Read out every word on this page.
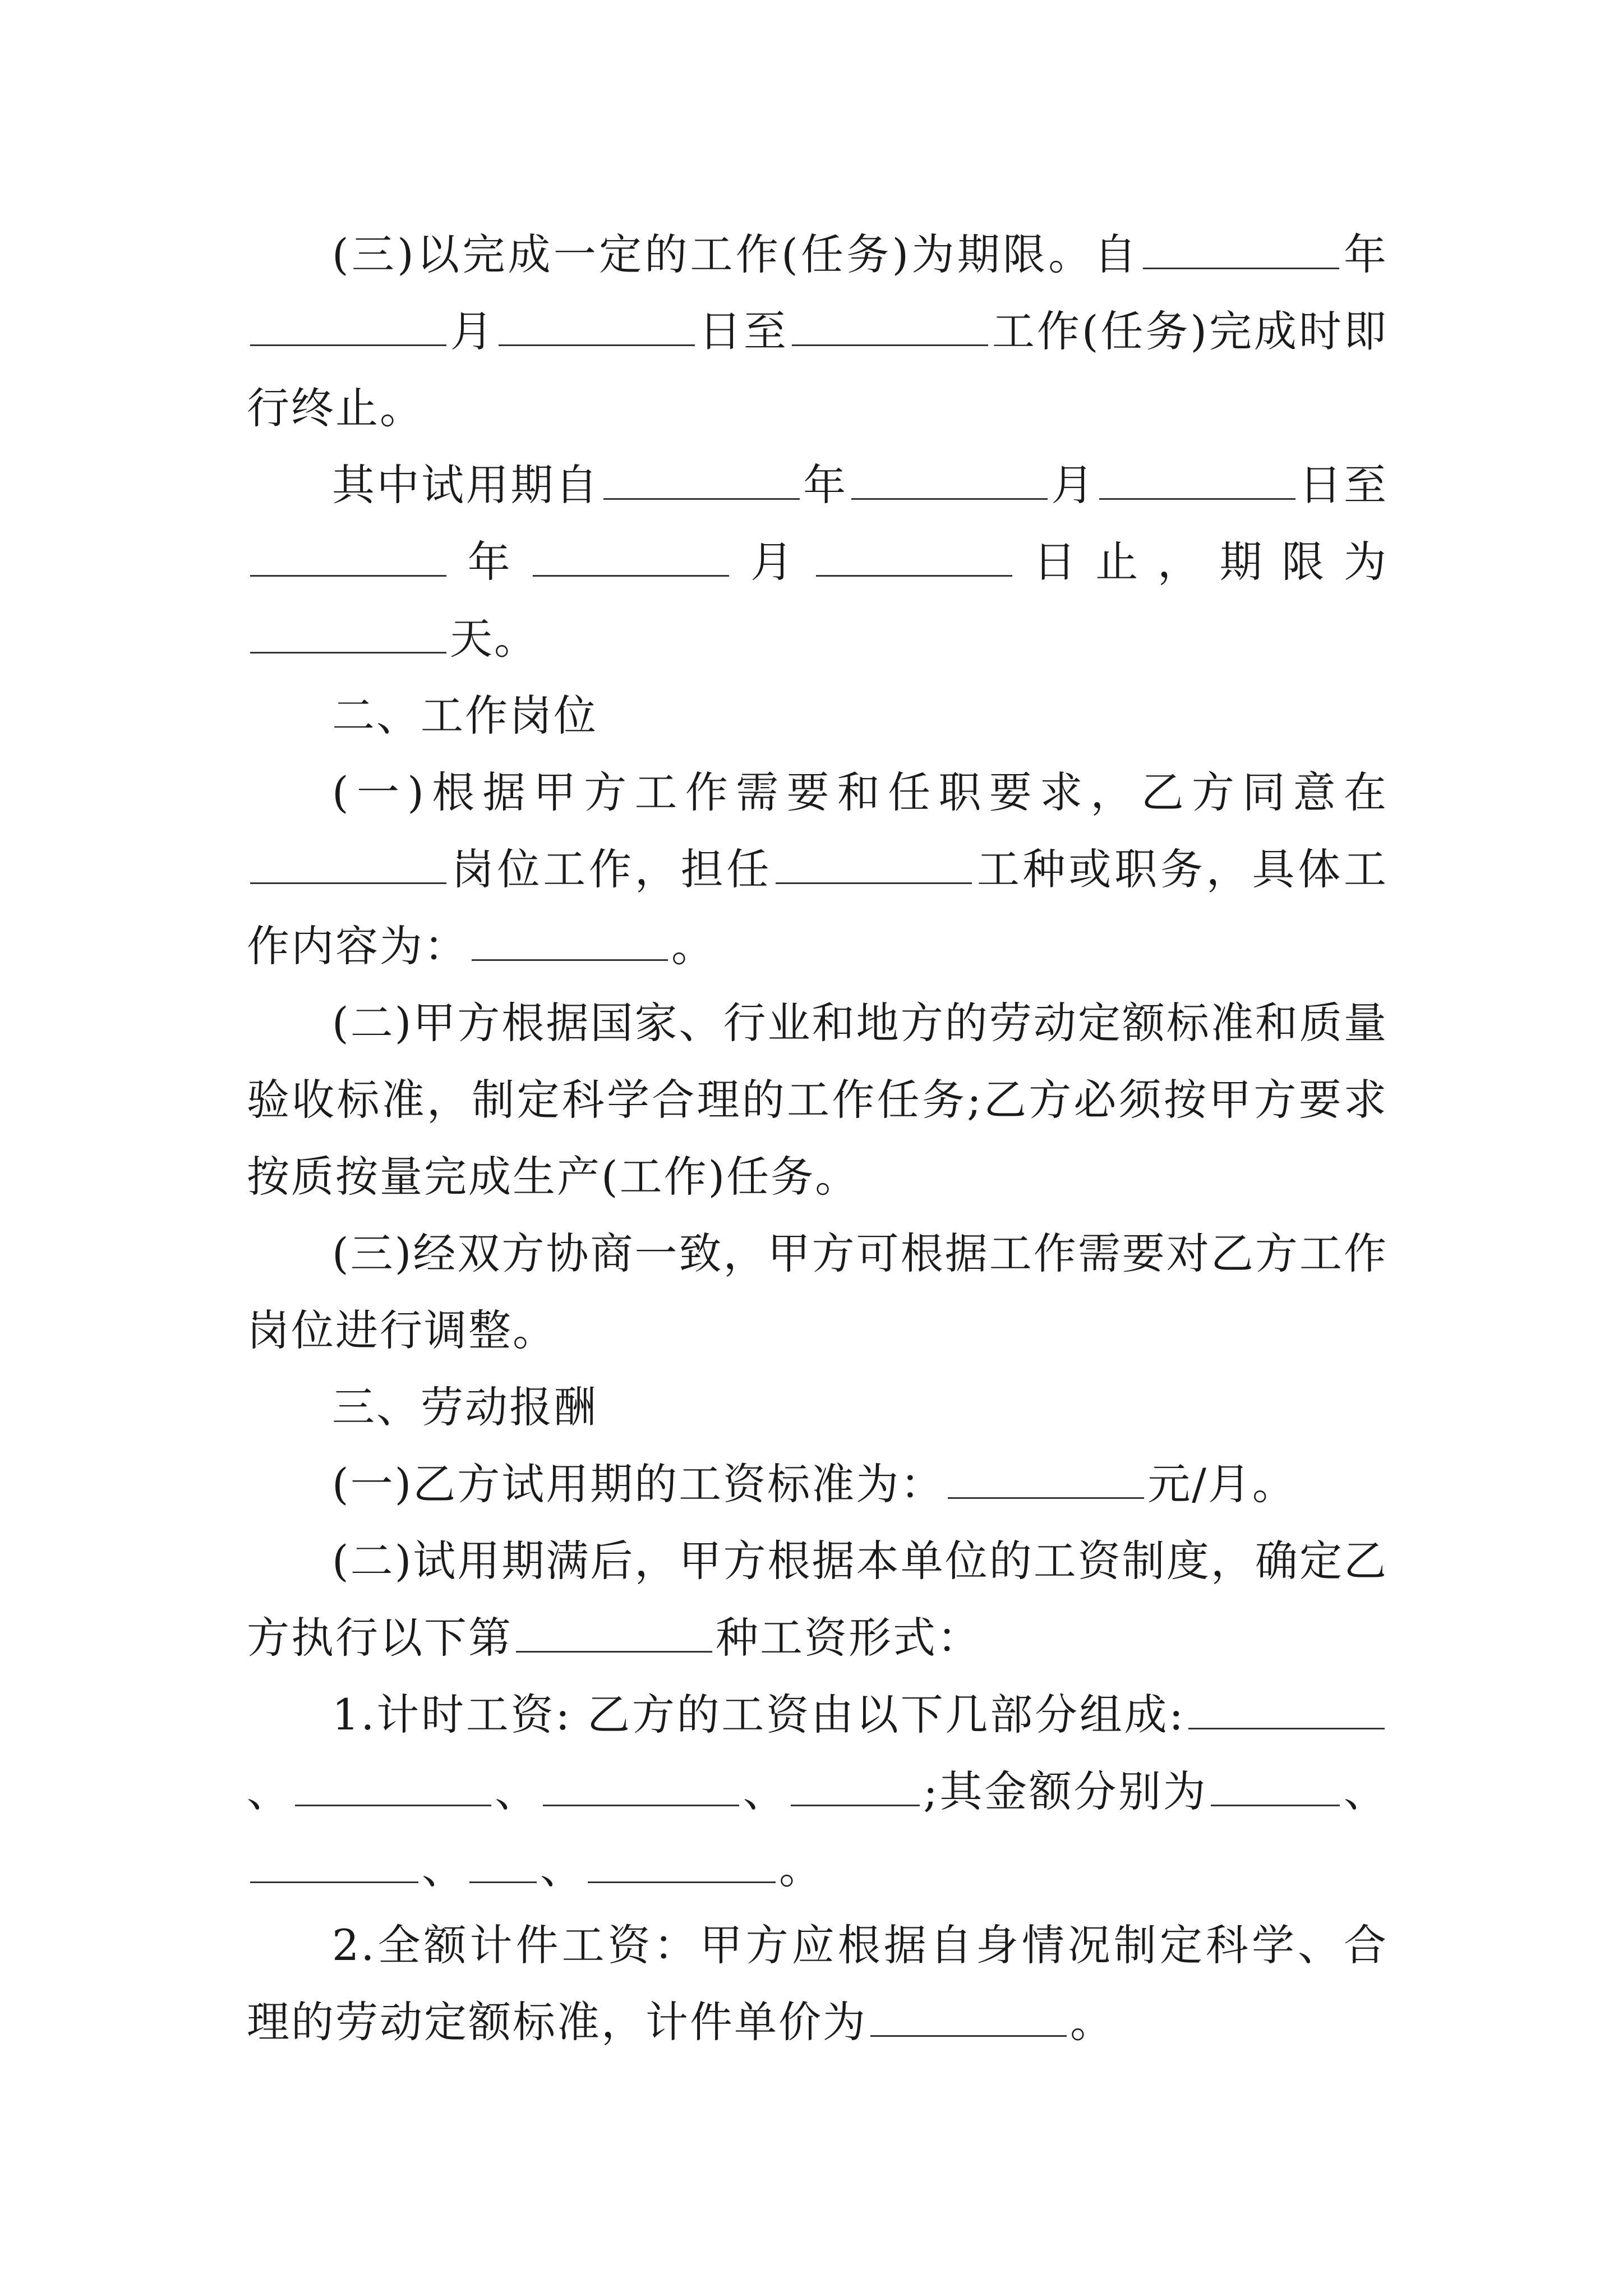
(三)以完成一定的工作(任务)为期限。自	年月	日至	工作(任务)完成时即行终止。

其中试用期自	年	月	日至年	月	日止，期限为天。

二、工作岗位

(一)根据甲方工作需要和任职要求，乙方同意在岗位工作，担任	工种或职务，具体工作内容为：	。

(二)甲方根据国家、行业和地方的劳动定额标准和质量验收标准，制定科学合理的工作任务;乙方必须按甲方要求按质按量完成生产(工作)任务。

(三)经双方协商一致，甲方可根据工作需要对乙方工作岗位进行调整。

三、劳动报酬

(一)乙方试用期的工资标准为：	元/月。

(二)试用期满后，甲方根据本单位的工资制度，确定乙方执行以下第	种工资形式：

1.计时工资: 乙方的工资由以下几部分组成:、	、	、	;其金额分别为	、、 、	。

2.全额计件工资：甲方应根据自身情况制定科学、合理的劳动定额标准，计件单价为	。
